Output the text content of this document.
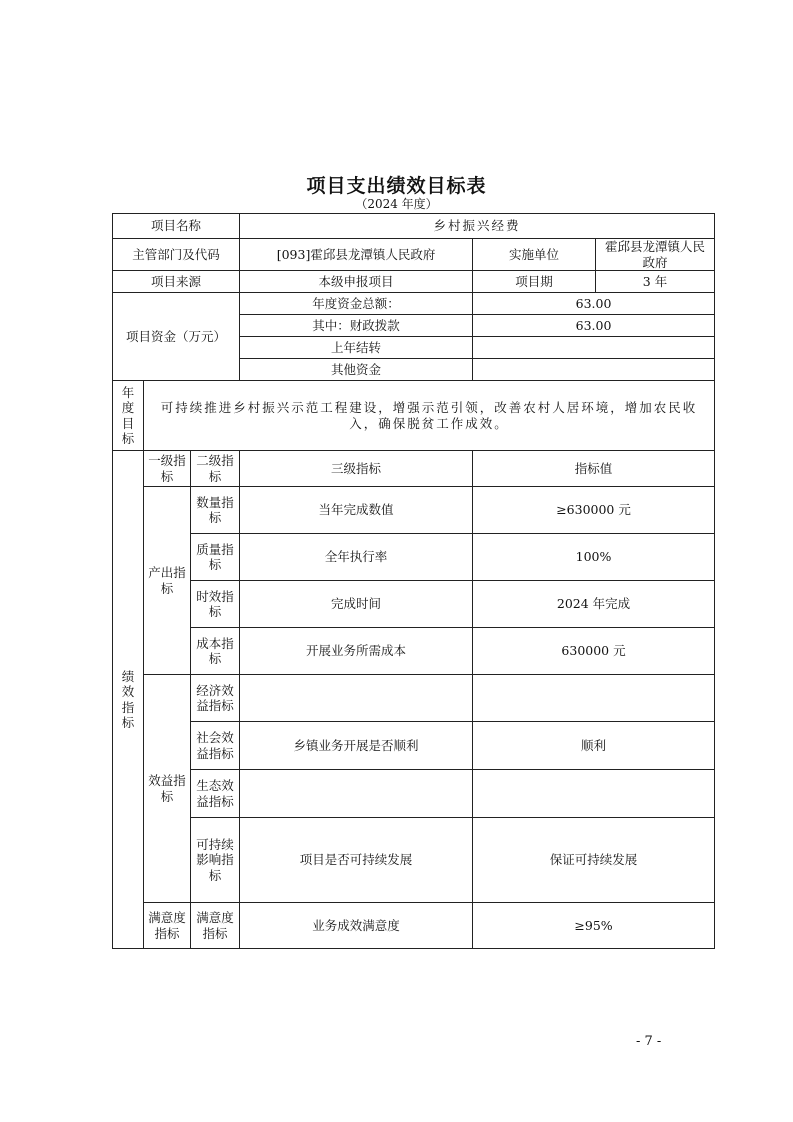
项目支出绩效目标表
（2024 年度）
项目名称			乡村振兴经费		
主管部门及代码			[093]霍邱县龙潭镇人民政府	实施单位	霍邱县龙潭镇人民政府
项目来源			本级申报项目	项目期	3 年
项目资金（万元）			年度资金总额：	63.00	
			其中：财政拨款	63.00	
			上年结转		
			其他资金		
年度目标	可持续推进乡村振兴示范工程建设，增强示范引领，改善农村人居环境，增加农民收入，确保脱贫工作成效。				
绩效指标	一级指标	二级指标	三级指标	指标值	
	产出指标	数量指标	当年完成数值	≥630000 元	
		质量指标	全年执行率	100%	
		时效指标	完成时间	2024 年完成	
		成本指标	开展业务所需成本	630000 元	
	效益指标	经济效益指标			
		社会效益指标	乡镇业务开展是否顺利	顺利	
		生态效益指标			
		可持续影响指标	项目是否可持续发展	保证可持续发展	
	满意度指标	满意度指标	业务成效满意度	≥95%	
- 7 -
